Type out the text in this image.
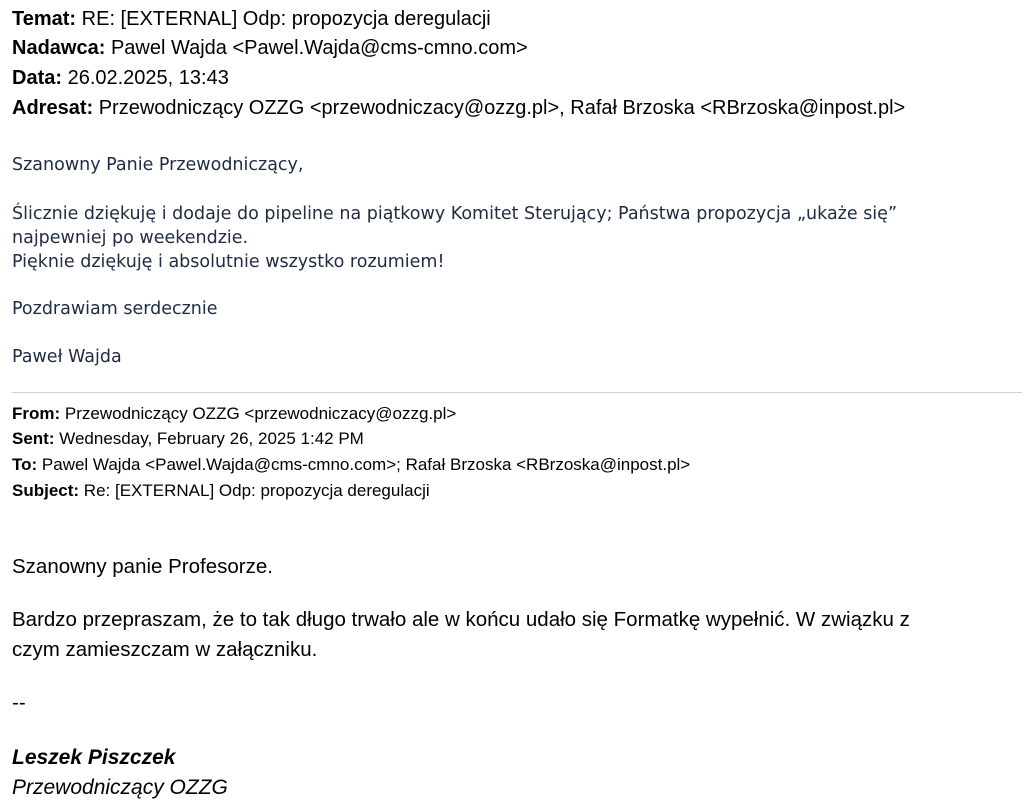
Temat: RE: [EXTERNAL] Odp: propozycja deregulacji
Nadawca: Pawel Wajda <Pawel.Wajda@cms-cmno.com>
Data: 26.02.2025, 13:43
Adresat: Przewodniczący OZZG <przewodniczacy@ozzg.pl>, Rafał Brzoska <RBrzoska@inpost.pl>
Szanowny Panie Przewodniczący,
Ślicznie dziękuję i dodaje do pipeline na piątkowy Komitet Sterujący; Państwa propozycja „ukaże się”
najpewniej po weekendzie.
Pięknie dziękuję i absolutnie wszystko rozumiem!
Pozdrawiam serdecznie
Paweł Wajda
From: Przewodniczący OZZG <przewodniczacy@ozzg.pl>
Sent: Wednesday, February 26, 2025 1:42 PM
To: Pawel Wajda <Pawel.Wajda@cms-cmno.com>; Rafał Brzoska <RBrzoska@inpost.pl>
Subject: Re: [EXTERNAL] Odp: propozycja deregulacji
Szanowny panie Profesorze.
Bardzo przepraszam, że to tak długo trwało ale w końcu udało się Formatkę wypełnić. W związku z
czym zamieszczam w załączniku.
--
Leszek Piszczek
Przewodniczący OZZG
